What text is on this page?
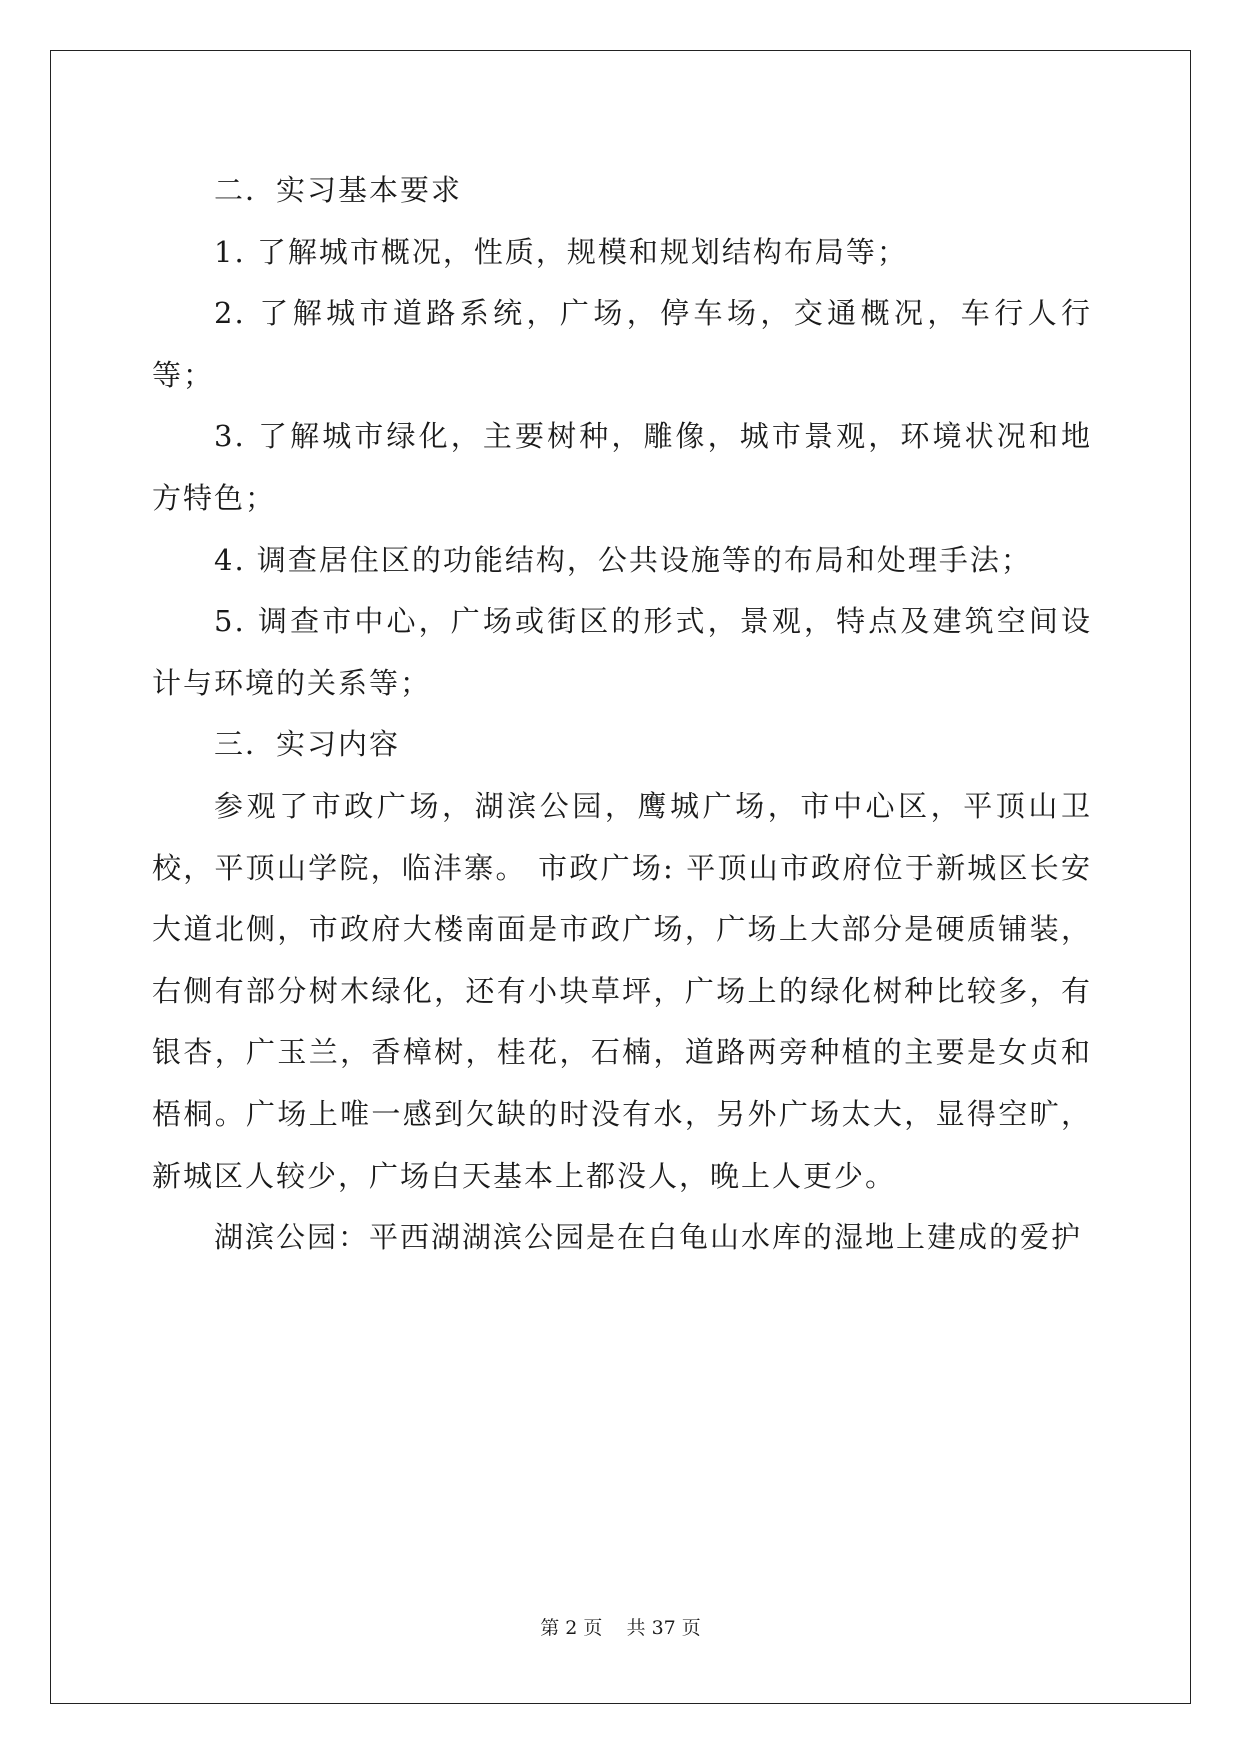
二．实习基本要求

1. 了解城市概况，性质，规模和规划结构布局等；

2. 了解城市道路系统，广场，停车场，交通概况，车行人行等；

3. 了解城市绿化，主要树种，雕像，城市景观，环境状况和地方特色；

4. 调查居住区的功能结构，公共设施等的布局和处理手法；

5. 调查市中心，广场或街区的形式，景观，特点及建筑空间设计与环境的关系等；

三．实习内容

参观了市政广场，湖滨公园，鹰城广场，市中心区，平顶山卫校，平顶山学院，临沣寨。 市政广场: 平顶山市政府位于新城区长安大道北侧，市政府大楼南面是市政广场，广场上大部分是硬质铺装，右侧有部分树木绿化，还有小块草坪，广场上的绿化树种比较多，有银杏，广玉兰，香樟树，桂花，石楠，道路两旁种植的主要是女贞和梧桐。广场上唯一感到欠缺的时没有水，另外广场太大，显得空旷，新城区人较少，广场白天基本上都没人，晚上人更少。

湖滨公园：平西湖湖滨公园是在白龟山水库的湿地上建成的爱护

第 2 页    共 37 页
